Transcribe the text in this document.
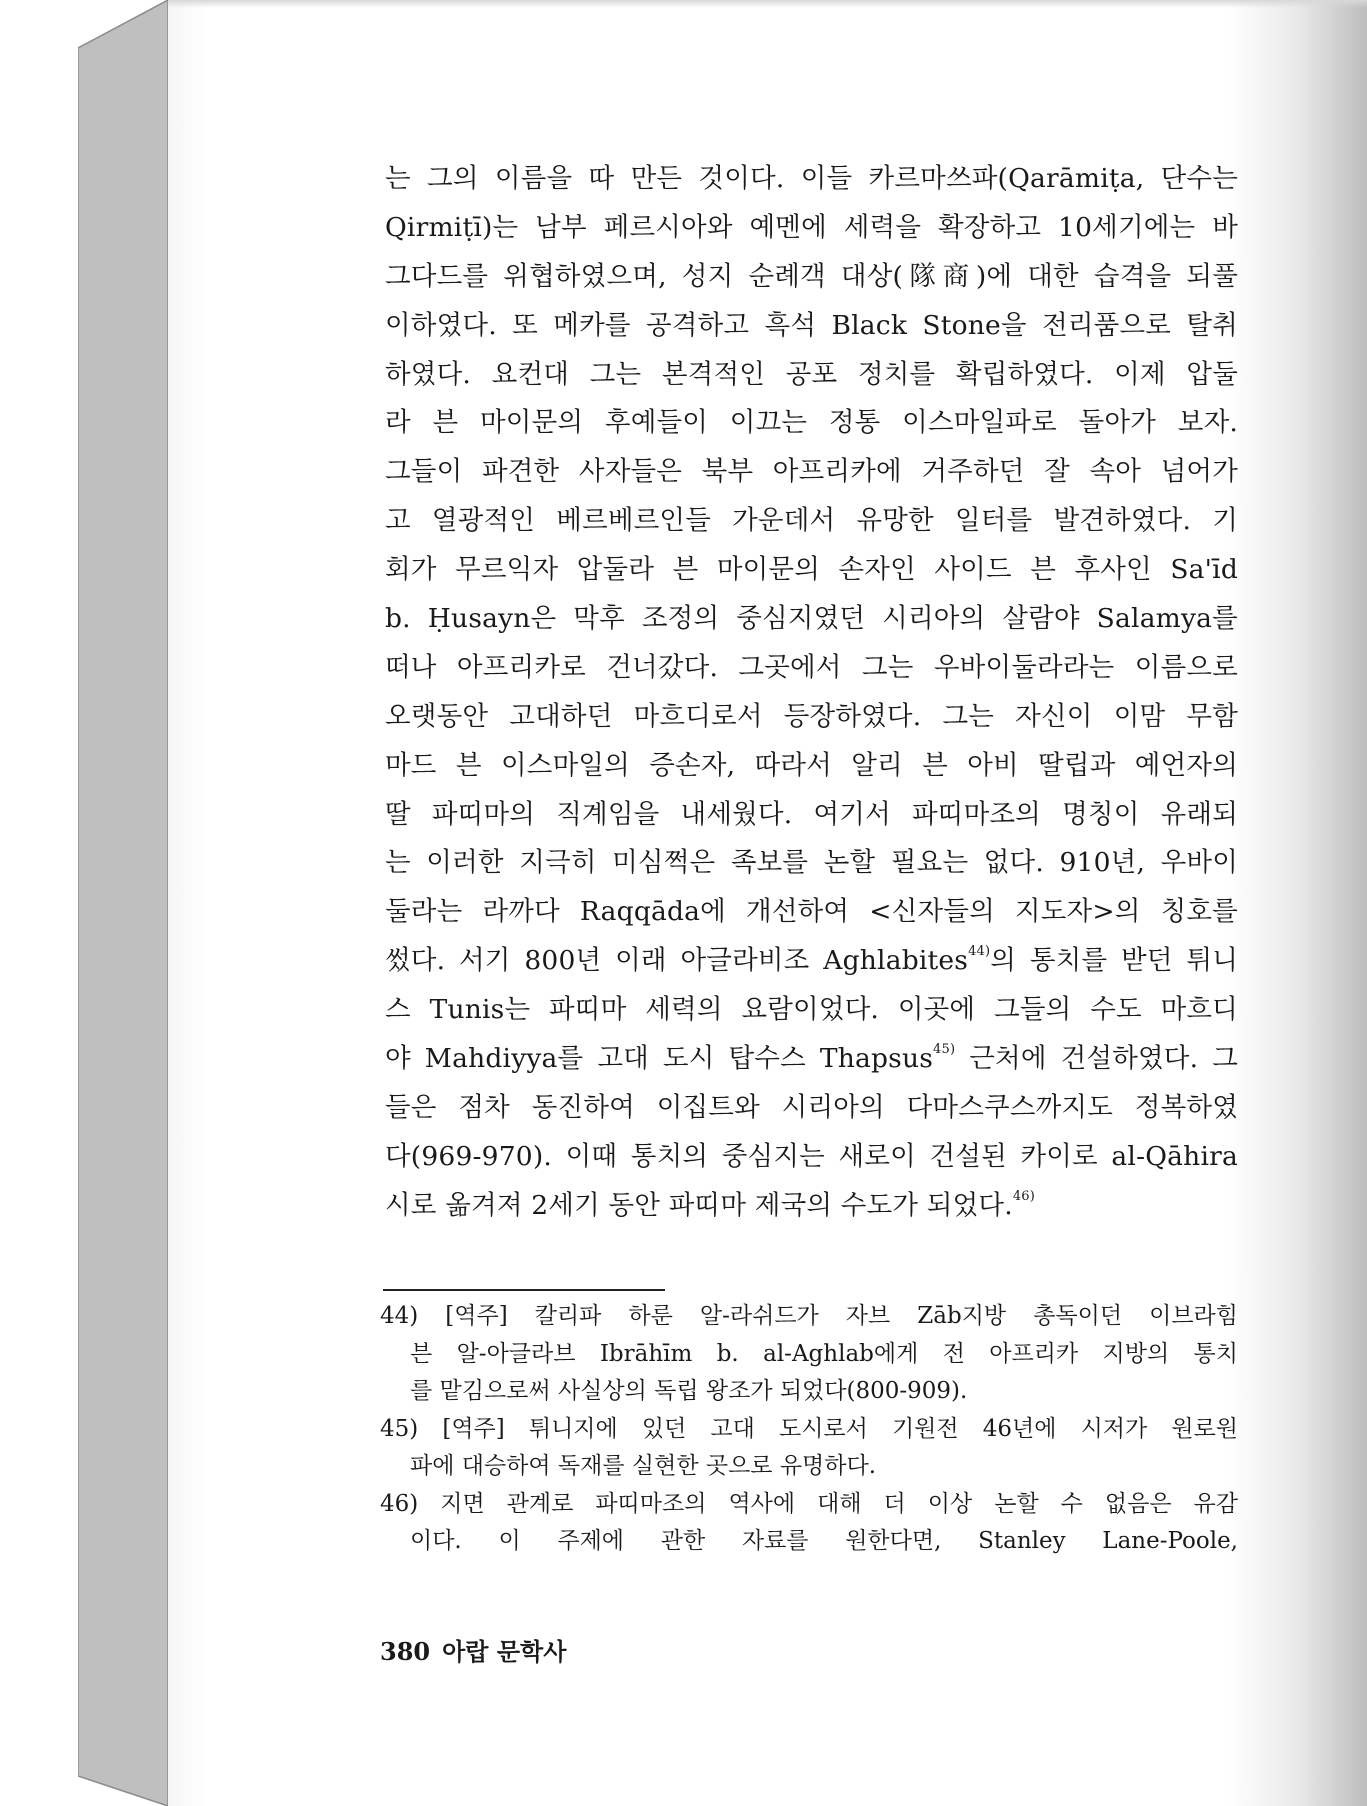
는 그의 이름을 따 만든 것이다. 이들 카르마쓰파(Qarāmiṭa, 단수는
Qirmiṭī)는 남부 페르시아와 예멘에 세력을 확장하고 10세기에는 바
그다드를 위협하였으며, 성지 순례객 대상(隊商)에 대한 습격을 되풀
이하였다. 또 메카를 공격하고 흑석 Black Stone을 전리품으로 탈취
하였다. 요컨대 그는 본격적인 공포 정치를 확립하였다. 이제 압둘
라 븐 마이문의 후예들이 이끄는 정통 이스마일파로 돌아가 보자.
그들이 파견한 사자들은 북부 아프리카에 거주하던 잘 속아 넘어가
고 열광적인 베르베르인들 가운데서 유망한 일터를 발견하였다. 기
회가 무르익자 압둘라 븐 마이문의 손자인 사이드 븐 후사인 Sa'īd
b. Ḥusayn은 막후 조정의 중심지였던 시리아의 살람야 Salamya를
떠나 아프리카로 건너갔다. 그곳에서 그는 우바이둘라라는 이름으로
오랫동안 고대하던 마흐디로서 등장하였다. 그는 자신이 이맘 무함
마드 븐 이스마일의 증손자, 따라서 알리 븐 아비 딸립과 예언자의
딸 파띠마의 직계임을 내세웠다. 여기서 파띠마조의 명칭이 유래되
는 이러한 지극히 미심쩍은 족보를 논할 필요는 없다. 910년, 우바이
둘라는 라까다 Raqqāda에 개선하여 <신자들의 지도자>의 칭호를
썼다. 서기 800년 이래 아글라비조 Aghlabites$^{44)}$의 통치를 받던 튀니
스 Tunis는 파띠마 세력의 요람이었다. 이곳에 그들의 수도 마흐디
야 Mahdiyya를 고대 도시 탑수스 Thapsus$^{45)}$ 근처에 건설하였다. 그
들은 점차 동진하여 이집트와 시리아의 다마스쿠스까지도 정복하였
다(969-970). 이때 통치의 중심지는 새로이 건설된 카이로 al-Qāhira
시로 옮겨져 2세기 동안 파띠마 제국의 수도가 되었다.$^{46)}$
44) [역주] 칼리파 하룬 알-라쉬드가 자브 Zāb지방 총독이던 이브라힘
븐 알-아글라브 Ibrāhīm b. al-Aghlab에게 전 아프리카 지방의 통치
를 맡김으로써 사실상의 독립 왕조가 되었다(800-909).
45) [역주] 튀니지에 있던 고대 도시로서 기원전 46년에 시저가 원로원
파에 대승하여 독재를 실현한 곳으로 유명하다.
46) 지면 관계로 파띠마조의 역사에 대해 더 이상 논할 수 없음은 유감
이다. 이 주제에 관한 자료를 원한다면, Stanley Lane-Poole,
380 아랍 문학사
